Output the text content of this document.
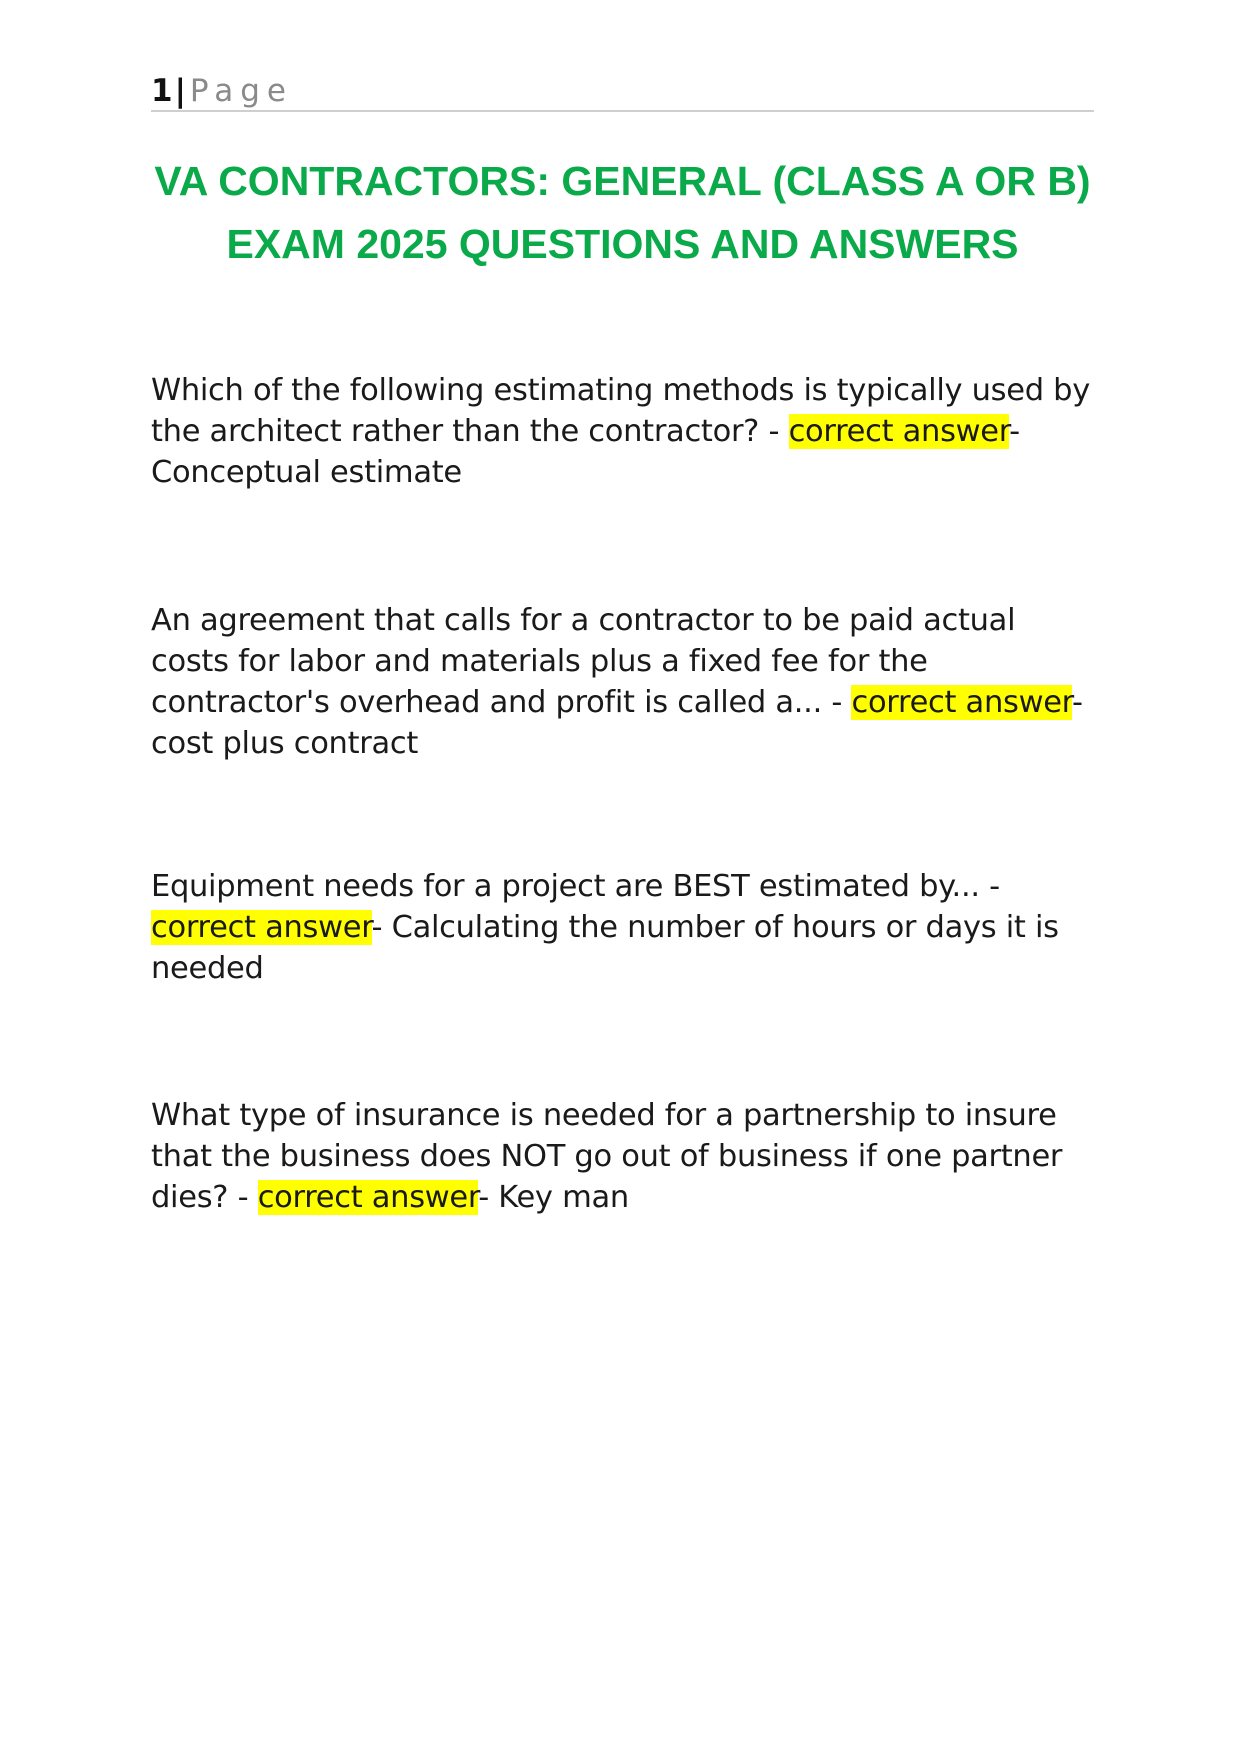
1| Page
VA CONTRACTORS: GENERAL (CLASS A OR B) EXAM 2025 QUESTIONS AND ANSWERS

Which of the following estimating methods is typically used by the architect rather than the contractor? - correct answer- Conceptual estimate

An agreement that calls for a contractor to be paid actual costs for labor and materials plus a fixed fee for the contractor's overhead and profit is called a... - correct answer- cost plus contract

Equipment needs for a project are BEST estimated by... - correct answer- Calculating the number of hours or days it is needed

What type of insurance is needed for a partnership to insure that the business does NOT go out of business if one partner dies? - correct answer- Key man
